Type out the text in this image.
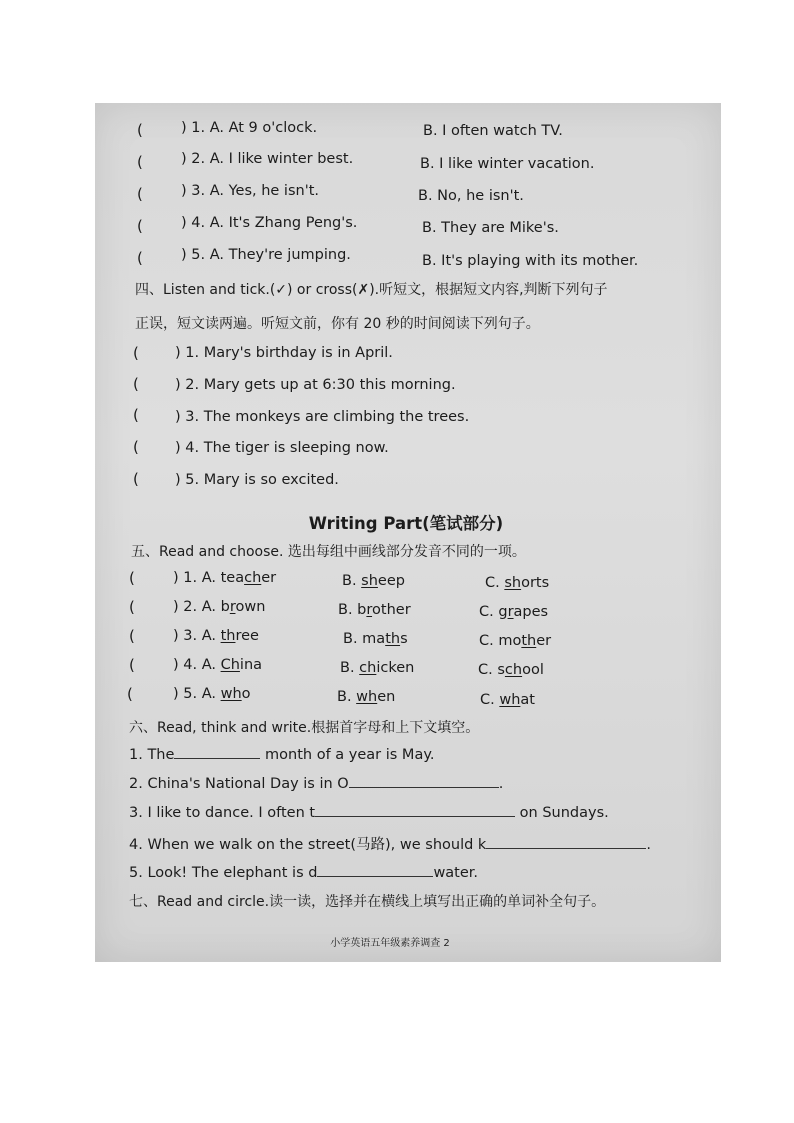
(	) 1. A. At 9 o'clock.	B. I often watch TV.
(	) 2. A. I like winter best.	B. I like winter vacation.
(	) 3. A. Yes, he isn't.	B. No, he isn't.
(	) 4. A. It's Zhang Peng's.	B. They are Mike's.
(	) 5. A. They're jumping.	B. It's playing with its mother.
四、Listen and tick.(✓) or cross(✗).听短文，根据短文内容,判断下列句子
正误，短文读两遍。听短文前，你有 20 秒的时间阅读下列句子。
( ) 1. Mary's birthday is in April.
( ) 2. Mary gets up at 6:30 this morning.
( ) 3. The monkeys are climbing the trees.
( ) 4. The tiger is sleeping now.
( ) 5. Mary is so excited.
Writing Part(笔试部分)
五、Read and choose. 选出每组中画线部分发音不同的一项。
(	) 1. A. teacher	B. sheep	C. shorts
(	) 2. A. brown	B. brother	C. grapes
(	) 3. A. three	B. maths	C. mother
(	) 4. A. China	B. chicken	C. school
(	) 5. A. who	B. when	C. what
六、Read, think and write.根据首字母和上下文填空。
1. The	month of a year is May.
2. China's National Day is in O	.
3. I like to dance. I often t	on Sundays.
4. When we walk on the street(马路), we should k	.
5. Look! The elephant is d	water.
七、Read and circle.读一读，选择并在横线上填写出正确的单词补全句子。
小学英语五年级素养调查 2
